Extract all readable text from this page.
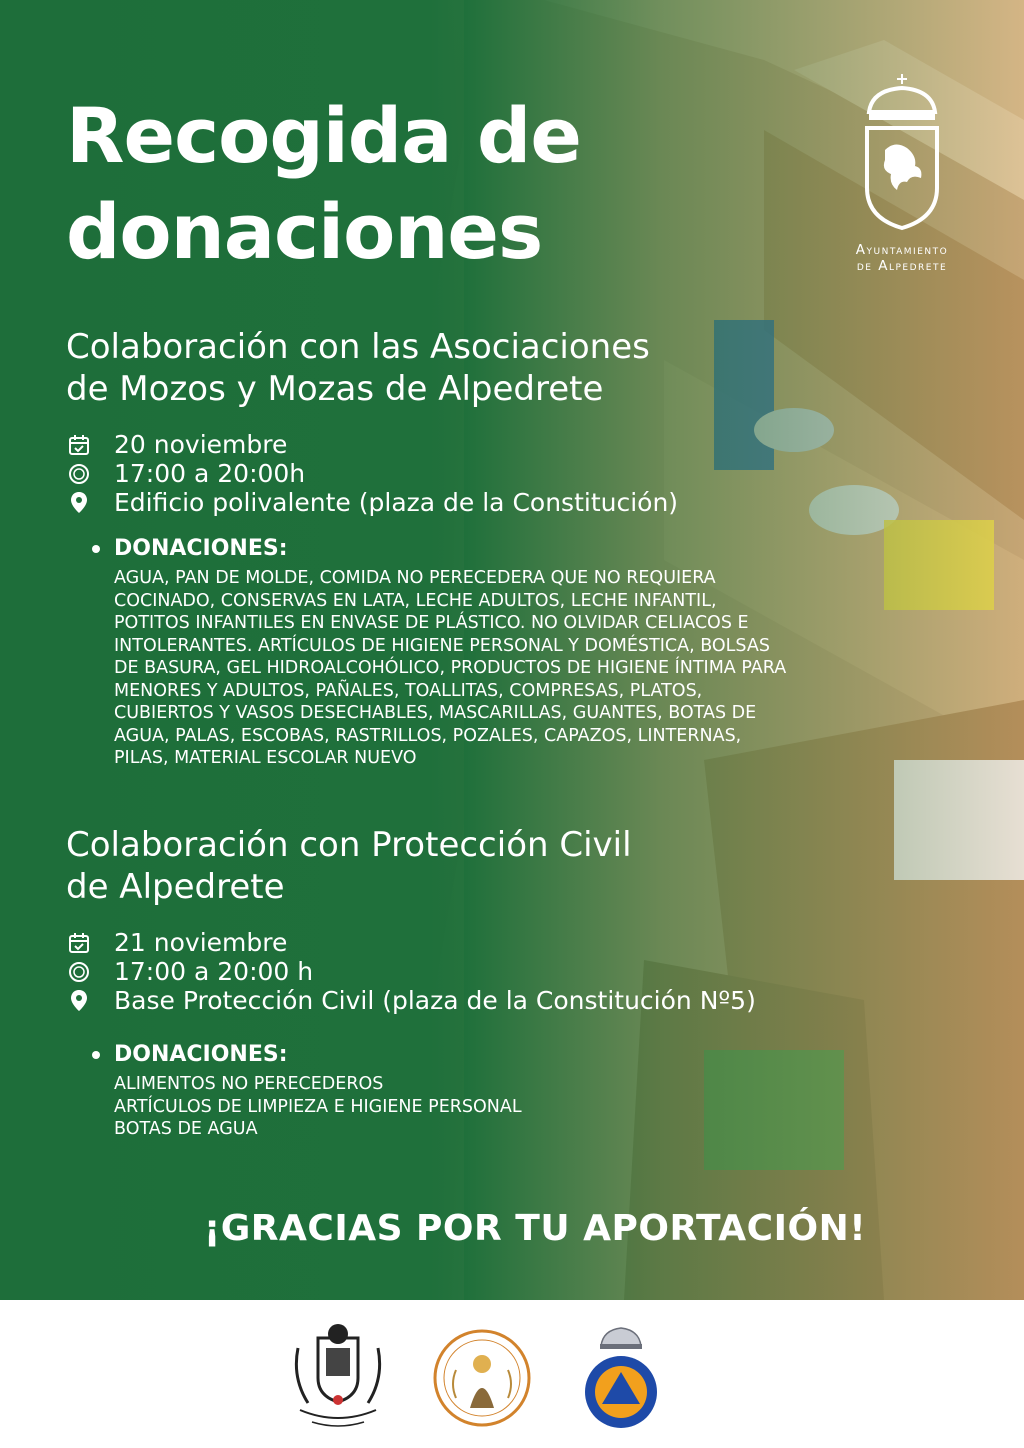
Recogida de
donaciones	Ayuntamiento
de Alpedrete
Colaboración con las Asociaciones
de Mozos y Mozas de Alpedrete
20 noviembre
17:00 a 20:00h
Edificio polivalente (plaza de la Constitución)
DONACIONES:
AGUA, PAN DE MOLDE, COMIDA NO PERECEDERA QUE NO REQUIERA
COCINADO, CONSERVAS EN LATA, LECHE ADULTOS, LECHE INFANTIL,
POTITOS INFANTILES EN ENVASE DE PLÁSTICO. NO OLVIDAR CELIACOS E
INTOLERANTES. ARTÍCULOS DE HIGIENE PERSONAL Y DOMÉSTICA, BOLSAS
DE BASURA, GEL HIDROALCOHÓLICO, PRODUCTOS DE HIGIENE ÍNTIMA PARA
MENORES Y ADULTOS, PAÑALES, TOALLITAS, COMPRESAS, PLATOS,
CUBIERTOS Y VASOS DESECHABLES, MASCARILLAS, GUANTES, BOTAS DE
AGUA, PALAS, ESCOBAS, RASTRILLOS, POZALES, CAPAZOS, LINTERNAS,
PILAS, MATERIAL ESCOLAR NUEVO
Colaboración con Protección Civil
de Alpedrete
21 noviembre
17:00 a 20:00 h
Base Protección Civil (plaza de la Constitución Nº5)
DONACIONES:
ALIMENTOS NO PERECEDEROS
ARTÍCULOS DE LIMPIEZA E HIGIENE PERSONAL
BOTAS DE AGUA
¡GRACIAS POR TU APORTACIÓN!
